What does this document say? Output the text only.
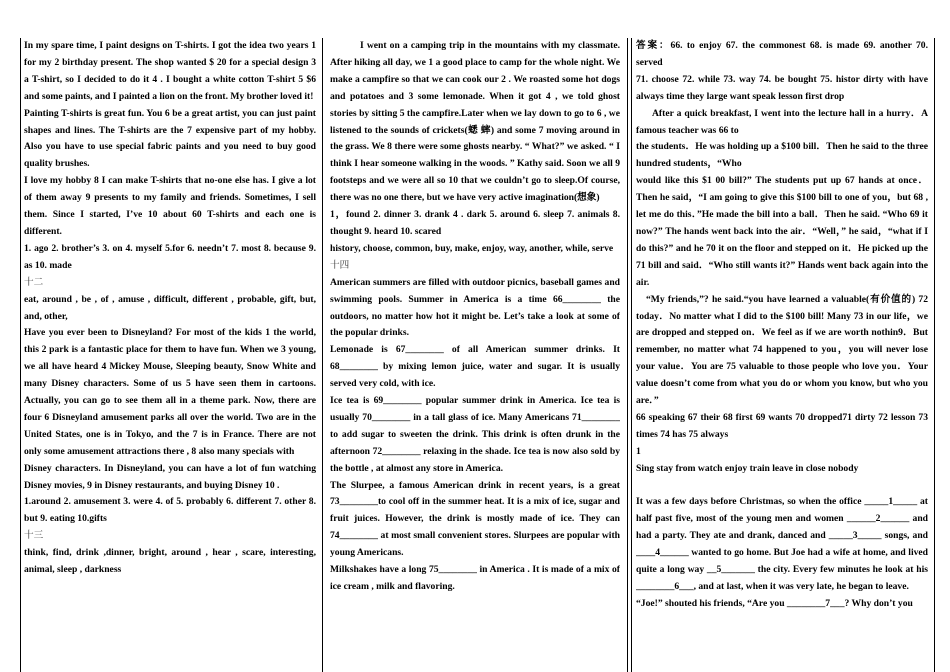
In my spare time, I paint designs on T-shirts. I got the idea two years 1 for my 2 birthday present. The shop wanted $ 20 for a special design 3 a T-shirt, so I decided to do it 4 . I bought a white cotton T-shirt 5 $6 and some paints, and I painted a lion on the front. My brother loved it!

Painting T-shirts is great fun. You 6 be a great artist, you can just paint shapes and lines. The T-shirts are the 7 expensive part of my hobby. Also you have to use special fabric paints and you need to buy good quality brushes.

I love my hobby 8 I can make T-shirts that no-one else has. I give a lot of them away 9 presents to my family and friends. Sometimes, I sell them. Since I started, I’ve 10 about 60 T-shirts and each one is different.

1. ago 2. brother’s 3. on 4. myself 5.for 6. needn’t 7. most 8. because 9. as 10. made

十二

eat, around , be , of , amuse , difficult, different , probable, gift, but, and, other,

Have you ever been to Disneyland? For most of the kids 1 the world, this 2 park is a fantastic place for them to have fun. When we 3 young, we all have heard 4 Mickey Mouse, Sleeping beauty, Snow White and many Disney characters. Some of us 5 have seen them in cartoons. Actually, you can go to see them all in a theme park. Now, there are four 6 Disneyland amusement parks all over the world. Two are in the United States, one is in Tokyo, and the 7 is in France. There are not only some amusement attractions there , 8 also many specials with

Disney characters. In Disneyland, you can have a lot of fun watching Disney movies, 9 in Disney restaurants, and buying Disney 10 .

1.around 2. amusement 3. were 4. of 5. probably 6. different 7. other 8. but 9. eating 10.gifts

十三

think, find, drink ,dinner, bright, around , hear , scare, interesting, animal, sleep , darkness

I went on a camping trip in the mountains with my classmate. After hiking all day, we 1 a good place to camp for the whole night. We make a campfire so that we can cook our 2 . We roasted some hot dogs and potatoes and 3 some lemonade. When it got 4 , we told ghost stories by sitting 5 the campfire.Later when we lay down to go to 6 , we listened to the sounds of crickets(蟋 蟀) and some 7 moving around in the grass. We 8 there were some ghosts nearby. “ What?” we asked. “ I think I hear someone walking in the woods. ” Kathy said. Soon we all 9 footsteps and we were all so 10 that we couldn’t go to sleep.Of course, there was no one there, but we have very active imagination(想象)

1，found 2. dinner 3. drank 4 . dark 5. around 6. sleep 7. animals 8. thought 9. heard 10. scared

history, choose, common, buy, make, enjoy, way, another, while, serve

十四

American summers are filled with outdoor picnics, baseball games and swimming pools. Summer in America is a time 66________ the outdoors, no matter how hot it might be. Let’s take a look at some of the popular drinks.

Lemonade is 67________ of all American summer drinks. It 68________ by mixing lemon juice, water and sugar. It is usually served very cold, with ice.

Ice tea is 69________ popular summer drink in America. Ice tea is usually 70________ in a tall glass of ice. Many Americans 71________ to add sugar to sweeten the drink. This drink is often drunk in the afternoon 72________ relaxing in the shade. Ice tea is now also sold by the bottle , at almost any store in America.

The Slurpee, a famous American drink in recent years, is a great 73________to cool off in the summer heat. It is a mix of ice, sugar and fruit juices. However, the drink is mostly made of ice. They can 74________ at most small convenient stores. Slurpees are popular with young Americans.

Milkshakes have a long 75________ in America . It is made of a mix of ice cream , milk and flavoring.

答案：66. to enjoy 67. the commonest 68. is made 69. another 70. served

71. choose 72. while 73. way 74. be bought 75. histor dirty with have always time they large want speak lesson first drop

After a quick breakfast, I went into the lecture hall in a hurry．A famous teacher was 66 to

the students．He was holding up a $100 bill．Then he said to the three hundred students，“Who

would like this $1 00 bill?” The students put up 67 hands at once．Then he said，“I am going to give this $100 bill to one of you，but 68 , let me do this．”He made the bill into a ball．Then he said. “Who 69 it now?” The hands went back into the air．“Well，” he said，“what if I do this?” and he 70 it on the floor and stepped on it．He picked up the 71 bill and said．“Who still wants it?” Hands went back again into the air.

“My friends,”? he said.“you have learned a valuable(有价值的) 72 today．No matter what I did to the $100 bill! Many 73 in our life，we are dropped and stepped on．We feel as if we are worth nothin9．But remember, no matter what 74 happened to you，you will never lose your value．You are 75 valuable to those people who love you．Your value doesn’t come from what you do or whom you know, but who you are．”

66 speaking 67 their 68 first 69 wants 70 dropped71 dirty 72 lesson 73 times 74 has 75 always

1

Sing stay from watch enjoy train leave in close nobody

It was a few days before Christmas, so when the office _____1_____ at half past five, most of the young men and women ______2______ and had a party. They ate and drank, danced and _____3_____ songs, and ____4______ wanted to go home. But Joe had a wife at home, and lived quite a long way __5_______ the city. Every few minutes he look at his ________6___, and at last, when it was very late, he began to leave.

“Joe!” shouted his friends, “Are you ________7___? Why don’t you
